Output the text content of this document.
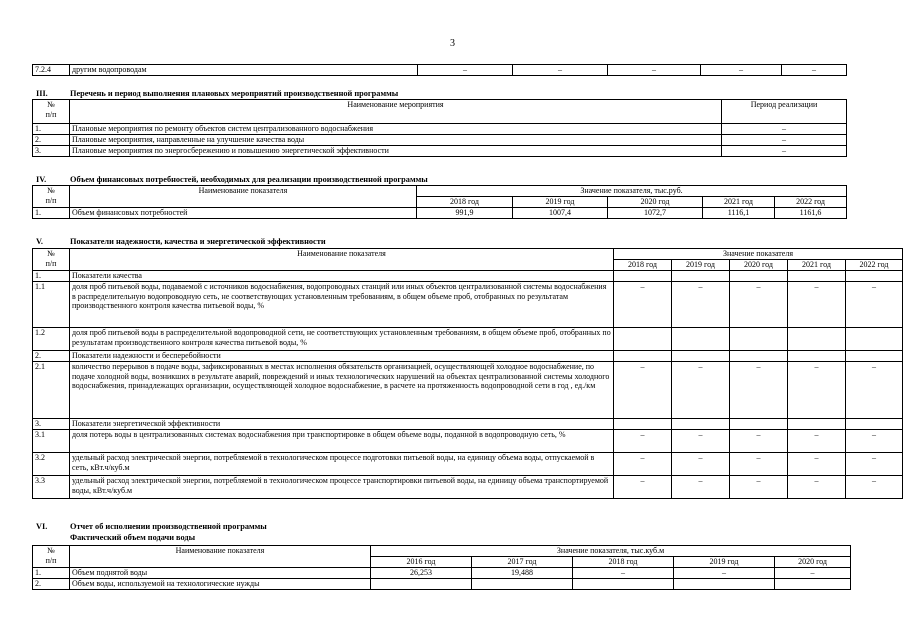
3
7.2.4	другим водопроводам	–	–	–	–	–
III.	Перечень и период выполнения плановых мероприятий производственной программы
№
п/п	Наименование мероприятия	Период реализации
1.	Плановые мероприятия по ремонту объектов систем централизованного водоснабжения	–
2.	Плановые мероприятия, направленные на улучшение качества воды	–
3.	Плановые мероприятия по энергосбережению и повышению энергетической эффективности	–
IV.	Объем финансовых потребностей, необходимых для реализации производственной программы
№
п/п	Наименование показателя	Значение показателя, тыс.руб.				
		2018 год	2019 год	2020 год	2021 год	2022 год
1.	Объем финансовых потребностей	991,9	1007,4	1072,7	1116,1	1161,6
V.	Показатели надежности, качества и энергетической эффективности
№
п/п	Наименование показателя	Значение показателя				
		2018 год	2019 год	2020 год	2021 год	2022 год
1.	Показатели качества					
1.1	доля проб питьевой воды, подаваемой с источников водоснабжения, водопроводных станций или иных объектов централизованной системы водоснабжения в распределительную водопроводную сеть, не соответствующих установленным требованиям, в общем объеме проб, отобранных по результатам производственного контроля качества питьевой воды, %	–	–	–	–	–
1.2	доля проб питьевой воды в распределительной водопроводной сети, не соответствующих установленным требованиям, в общем объеме проб, отобранных по результатам производственного контроля качества питьевой воды, %					
2.	Показатели надежности и бесперебойности					
2.1	количество перерывов в подаче воды, зафиксированных в местах исполнения обязательств организацией, осуществляющей холодное водоснабжение, по подаче холодной воды, возникших в результате аварий, повреждений и иных технологических нарушений на объектах централизованной системы холодного водоснабжения, принадлежащих организации, осуществляющей холодное водоснабжение, в расчете на протяженность водопроводной сети в год , ед./км	–	–	–	–	–
3.	Показатели энергетической эффективности					
3.1	доля потерь воды в централизованных системах водоснабжения при транспортировке в общем объеме воды, поданной в водопроводную сеть, %	–	–	–	–	–
3.2	удельный расход электрической энергии, потребляемой в технологическом процессе подготовки питьевой воды, на единицу объема воды, отпускаемой в сеть, кВт.ч/куб.м	–	–	–	–	–
3.3	удельный расход электрической энергии, потребляемой в технологическом процессе транспортировки питьевой воды, на единицу объема транспортируемой воды, кВт.ч/куб.м	–	–	–	–	–
VI.	Отчет об исполнении производственной программы
Фактический объем подачи воды
№
п/п	Наименование показателя	Значение показателя, тыс.куб.м				
		2016 год	2017 год	2018 год	2019 год	2020 год
1.	Объем поднятой воды	26,253	19,488	–	–	–
2.	Объем воды, используемой на технологические нужды					
